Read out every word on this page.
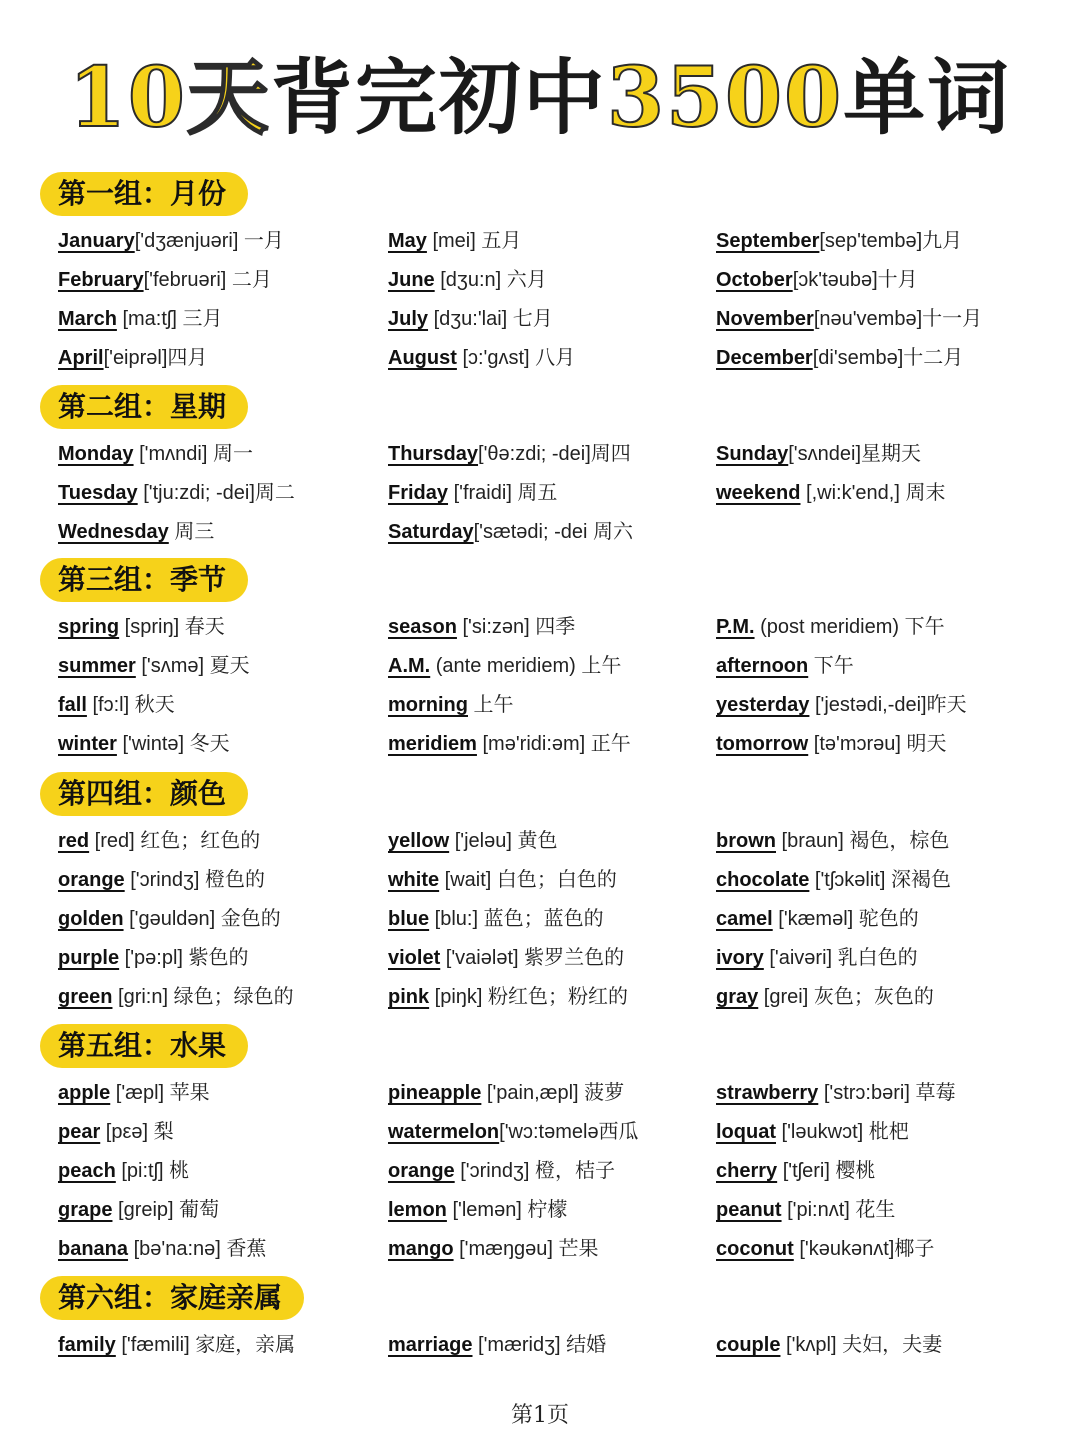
10天背完初中3500单词
第一组：月份
January['dʒænjuəri] 一月
February['februəri] 二月
March [ma:tʃ] 三月
April['eiprəl]四月
May [mei] 五月
June [dʒu:n] 六月
July [dʒu:'lai] 七月
August [ɔ:'gʌst] 八月
September[sep'tembə]九月
October[ɔk'təubə]十月
November[nəu'vembə]十一月
December[di'sembə]十二月
第二组：星期
Monday ['mʌndi] 周一
Tuesday ['tju:zdi; -dei]周二
Wednesday 周三
Thursday['θə:zdi; -dei]周四
Friday ['fraidi] 周五
Saturday['sætədi; -dei 周六
Sunday['sʌndei]星期天
weekend [,wi:k'end,] 周末
第三组：季节
spring [spriŋ] 春天
summer ['sʌmə] 夏天
fall [fɔ:l] 秋天
winter ['wintə] 冬天
season ['si:zən] 四季
A.M. (ante meridiem) 上午
morning 上午
meridiem [mə'ridi:əm] 正午
P.M. (post meridiem) 下午
afternoon 下午
yesterday ['jestədi,-dei]昨天
tomorrow [tə'mɔrəu] 明天
第四组：颜色
red [red] 红色；红色的
orange ['ɔrindʒ] 橙色的
golden ['gəuldən] 金色的
purple ['pə:pl] 紫色的
green [gri:n] 绿色；绿色的
yellow ['jeləu] 黄色
white [wait] 白色；白色的
blue [blu:] 蓝色；蓝色的
violet ['vaiələt] 紫罗兰色的
pink [piŋk] 粉红色；粉红的
brown [braun] 褐色，棕色
chocolate ['tʃɔkəlit] 深褐色
camel ['kæməl] 驼色的
ivory ['aivəri] 乳白色的
gray [grei] 灰色；灰色的
第五组：水果
apple ['æpl] 苹果
pear [pεə] 梨
peach [pi:tʃ] 桃
grape [greip] 葡萄
banana [bə'na:nə] 香蕉
pineapple ['pain,æpl] 菠萝
watermelon['wɔ:təmelə西瓜
orange ['ɔrindʒ] 橙，桔子
lemon ['lemən] 柠檬
mango ['mæŋgəu] 芒果
strawberry ['strɔ:bəri] 草莓
loquat ['ləukwɔt] 枇杷
cherry ['tʃeri] 樱桃
peanut ['pi:nʌt] 花生
coconut ['kəukənʌt]椰子
第六组：家庭亲属
family ['fæmili] 家庭，亲属	marriage ['mæridʒ] 结婚	couple ['kʌpl] 夫妇，夫妻
第1页
